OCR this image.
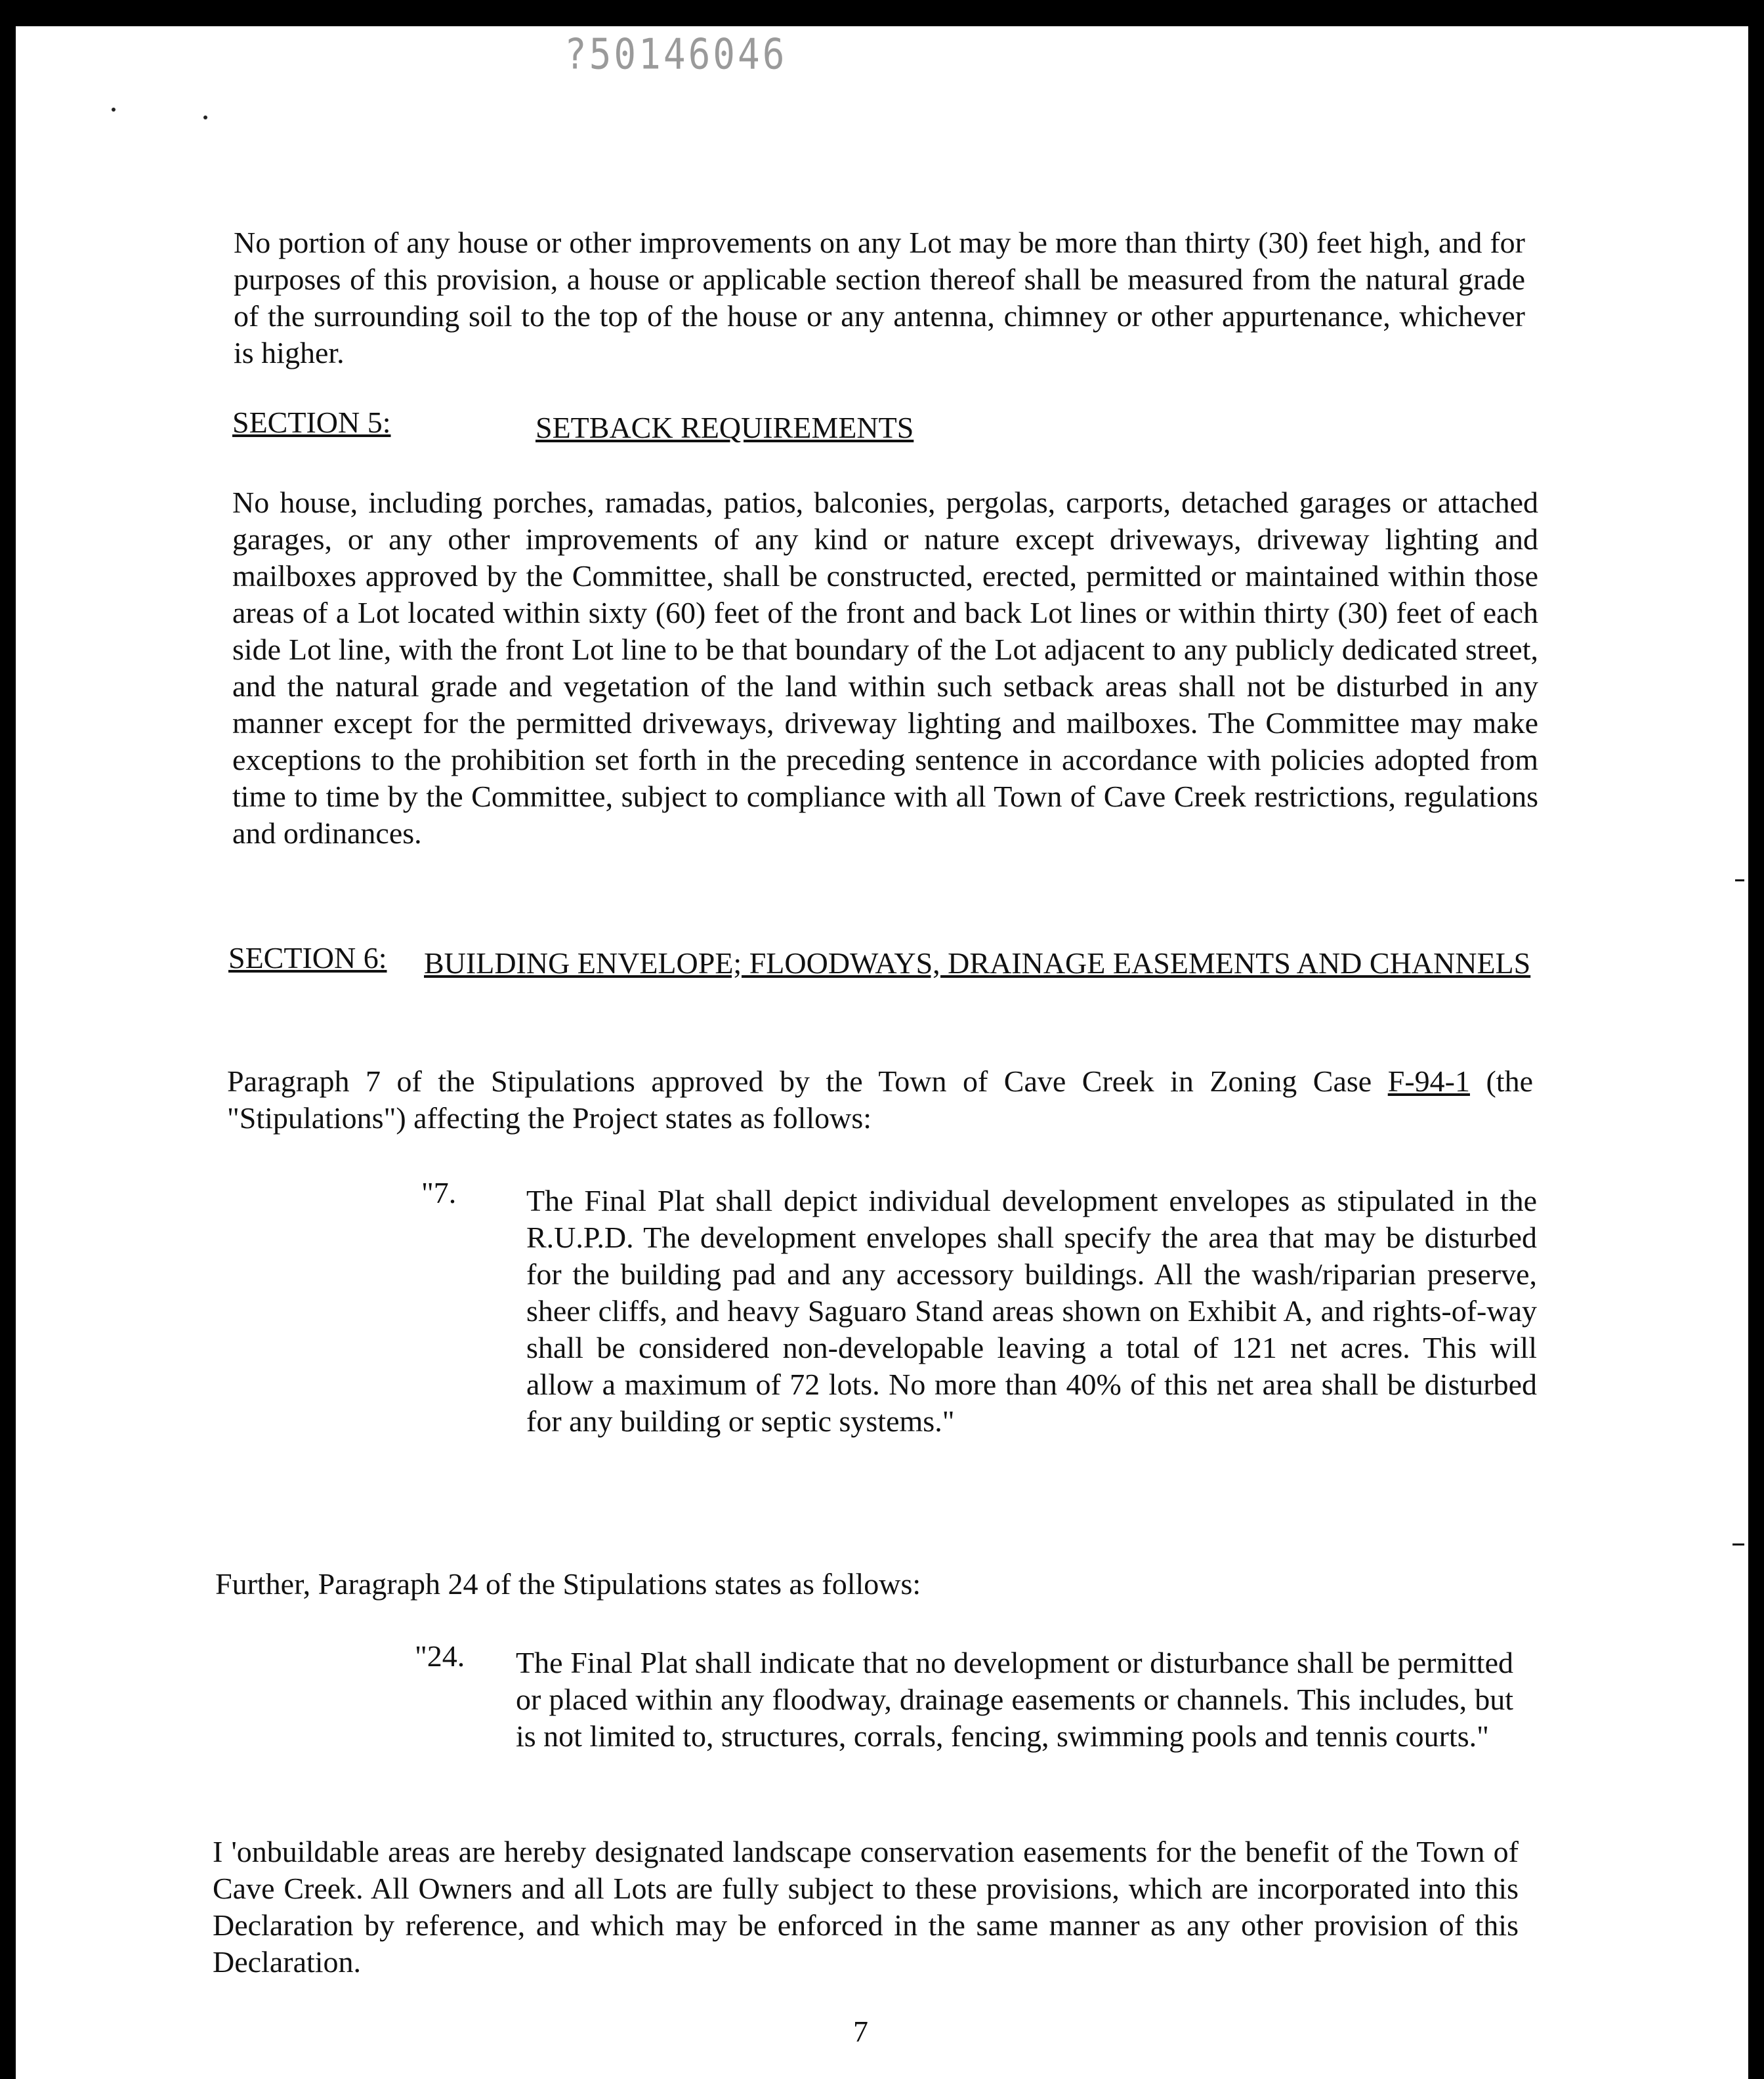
?50146046

No portion of any house or other improvements on any Lot may be more than thirty (30) feet high, and for purposes of this provision, a house or applicable section thereof shall be measured from the natural grade of the surrounding soil to the top of the house or any antenna, chimney or other appurtenance, whichever is higher.

SECTION 5:	SETBACK REQUIREMENTS

No house, including porches, ramadas, patios, balconies, pergolas, carports, detached garages or attached garages, or any other improvements of any kind or nature except driveways, driveway lighting and mailboxes approved by the Committee, shall be constructed, erected, permitted or maintained within those areas of a Lot located within sixty (60) feet of the front and back Lot lines or within thirty (30) feet of each side Lot line, with the front Lot line to be that boundary of the Lot adjacent to any publicly dedicated street, and the natural grade and vegetation of the land within such setback areas shall not be disturbed in any manner except for the permitted driveways, driveway lighting and mailboxes. The Committee may make exceptions to the prohibition set forth in the preceding sentence in accordance with policies adopted from time to time by the Committee, subject to compliance with all Town of Cave Creek restrictions, regulations and ordinances.

SECTION 6: BUILDING ENVELOPE; FLOODWAYS, DRAINAGE EASEMENTS AND CHANNELS

Paragraph 7 of the Stipulations approved by the Town of Cave Creek in Zoning Case F-94-1 (the "Stipulations") affecting the Project states as follows:

"7. The Final Plat shall depict individual development envelopes as stipulated in the R.U.P.D. The development envelopes shall specify the area that may be disturbed for the building pad and any accessory buildings. All the wash/riparian preserve, sheer cliffs, and heavy Saguaro Stand areas shown on Exhibit A, and rights-of-way shall be considered non-developable leaving a total of 121 net acres. This will allow a maximum of 72 lots. No more than 40% of this net area shall be disturbed for any building or septic systems."

Further, Paragraph 24 of the Stipulations states as follows:

"24. The Final Plat shall indicate that no development or disturbance shall be permitted or placed within any floodway, drainage easements or channels. This includes, but is not limited to, structures, corrals, fencing, swimming pools and tennis courts."

I 'onbuildable areas are hereby designated landscape conservation easements for the benefit of the Town of Cave Creek. All Owners and all Lots are fully subject to these provisions, which are incorporated into this Declaration by reference, and which may be enforced in the same manner as any other provision of this Declaration.

7
